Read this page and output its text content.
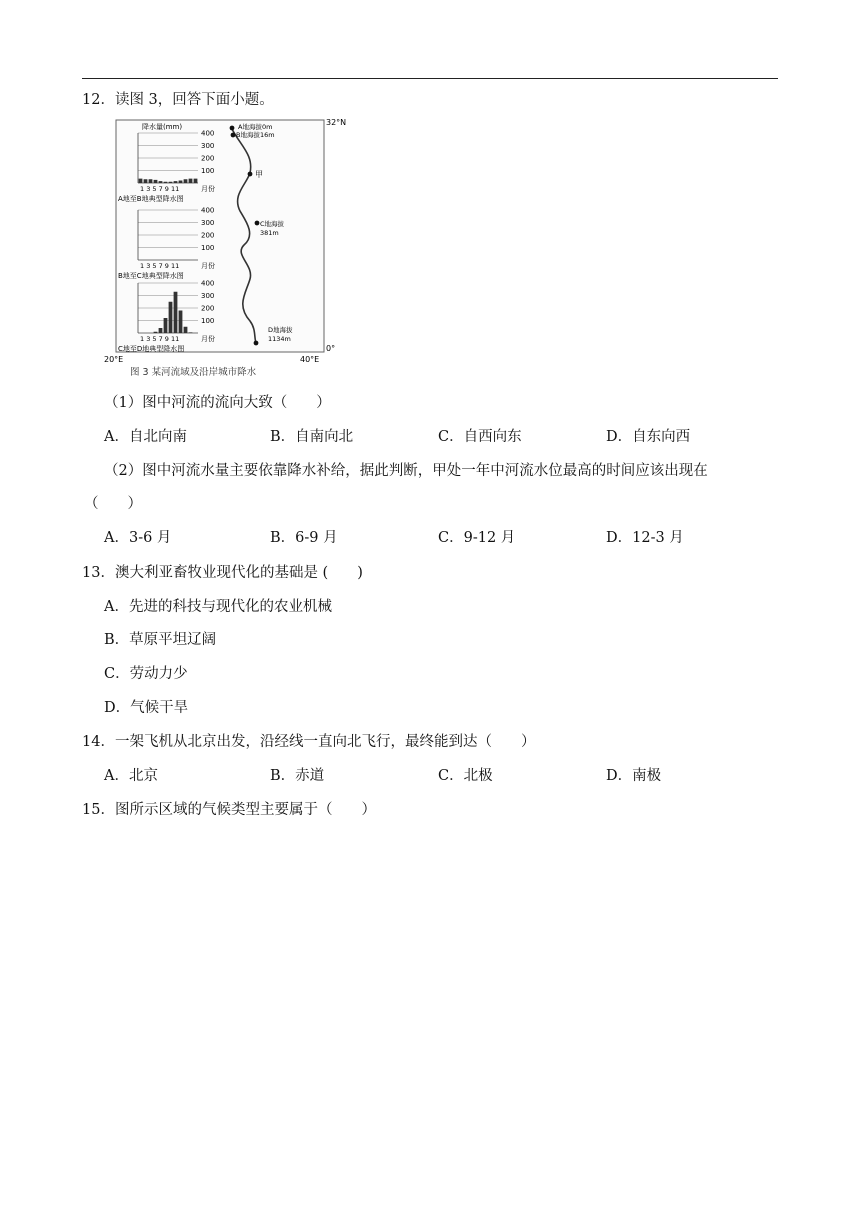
12．读图 3，回答下面小题。
A地海拔0m
B地海拔16m
甲
C地海拔
381m
D地海拔
1134m
32°N
0°
20°E	40°E
图 3 某河流域及沿岸城市降水
降水量(mm)
400
300
200
100
1 3 5 7 9 11	月份
A地至B地典型降水图
400
300
200
100
1 3 5 7 9 11	月份
B地至C地典型降水图
400
300
200
100
1 3 5 7 9 11	月份
C地至D地典型降水图
（1）图中河流的流向大致（　　）
A．自北向南	B．自南向北	C．自西向东	D．自东向西
（2）图中河流水量主要依靠降水补给，据此判断，甲处一年中河流水位最高的时间应该出现在
（　　）
A．3-6 月	B．6-9 月	C．9-12 月	D．12-3 月
13．澳大利亚畜牧业现代化的基础是 (　　)
A．先进的科技与现代化的农业机械
B．草原平坦辽阔
C．劳动力少
D．气候干旱
14．一架飞机从北京出发，沿经线一直向北飞行，最终能到达（　　）
A．北京	B．赤道	C．北极	D．南极
15．图所示区域的气候类型主要属于（　　）
